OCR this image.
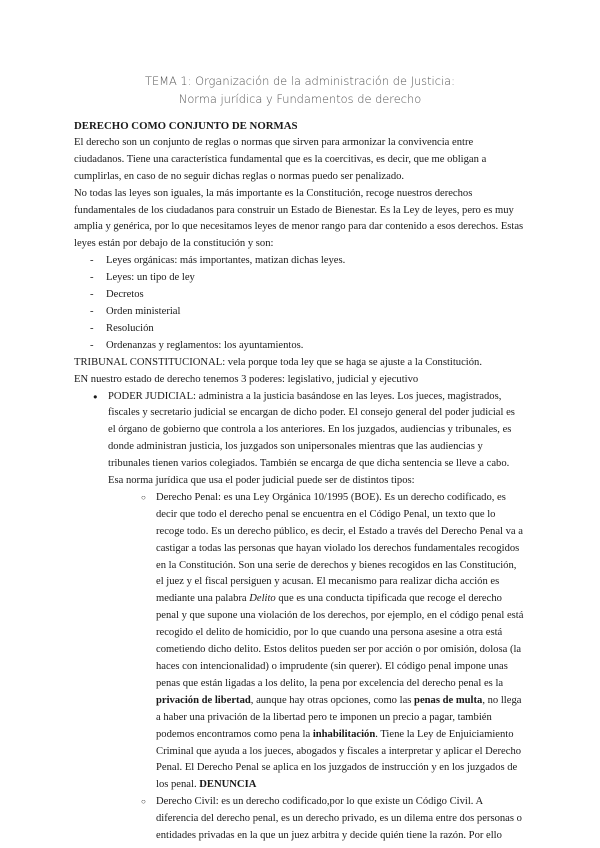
TEMA 1: Organización de la administración de Justicia:
Norma jurídica y Fundamentos de derecho
DERECHO COMO CONJUNTO DE NORMAS

El derecho son un conjunto de reglas o normas que sirven para armonizar la convivencia entre ciudadanos. Tiene una característica fundamental que es la coercitivas, es decir, que me obligan a cumplirlas, en caso de no seguir dichas reglas o normas puedo ser penalizado.

No todas las leyes son iguales, la más importante es la Constitución, recoge nuestros derechos fundamentales de los ciudadanos para construir un Estado de Bienestar. Es la Ley de leyes, pero es muy amplia y genérica, por lo que necesitamos leyes de menor rango para dar contenido a esos derechos. Estas leyes están por debajo de la constitución y son:

- Leyes orgánicas: más importantes, matizan dichas leyes.
- Leyes: un tipo de ley
- Decretos
- Orden ministerial
- Resolución
- Ordenanzas y reglamentos: los ayuntamientos.

TRIBUNAL CONSTITUCIONAL: vela porque toda ley que se haga se ajuste a la Constitución.

EN nuestro estado de derecho tenemos 3 poderes: legislativo, judicial y ejecutivo

● PODER JUDICIAL: administra a la justicia basándose en las leyes. Los jueces, magistrados, fiscales y secretario judicial se encargan de dicho poder. El consejo general del poder judicial es el órgano de gobierno que controla a los anteriores. En los juzgados, audiencias y tribunales, es donde administran justicia, los juzgados son unipersonales mientras que las audiencias y tribunales tienen varios colegiados. También se encarga de que dicha sentencia se lleve a cabo. Esa norma jurídica que usa el poder judicial puede ser de distintos tipos:
○ Derecho Penal: es una Ley Orgánica 10/1995 (BOE). Es un derecho codificado, es decir que todo el derecho penal se encuentra en el Código Penal, un texto que lo recoge todo. Es un derecho público, es decir, el Estado a través del Derecho Penal va a castigar a todas las personas que hayan violado los derechos fundamentales recogidos en la Constitución. Son una serie de derechos y bienes recogidos en las Constitución, el juez y el fiscal persiguen y acusan. El mecanismo para realizar dicha acción es mediante una palabra Delito que es una conducta tipificada que recoge el derecho penal y que supone una violación de los derechos, por ejemplo, en el código penal está recogido el delito de homicidio, por lo que cuando una persona asesine a otra está cometiendo dicho delito. Estos delitos pueden ser por acción o por omisión, dolosa (la haces con intencionalidad) o imprudente (sin querer). El código penal impone unas penas que están ligadas a los delito, la pena por excelencia del derecho penal es la privación de libertad, aunque hay otras opciones, como las penas de multa, no llega a haber una privación de la libertad pero te imponen un precio a pagar, también podemos encontramos como pena la inhabilitación. Tiene la Ley de Enjuiciamiento Criminal que ayuda a los jueces, abogados y fiscales a interpretar y aplicar el Derecho Penal. El Derecho Penal se aplica en los juzgados de instrucción y en los juzgados de los penal. DENUNCIA
○ Derecho Civil: es un derecho codificado,por lo que existe un Código Civil. A diferencia del derecho penal, es un derecho privado, es un dilema entre dos personas o entidades privadas en la que un juez arbitra y decide quién tiene la razón. Por ello
